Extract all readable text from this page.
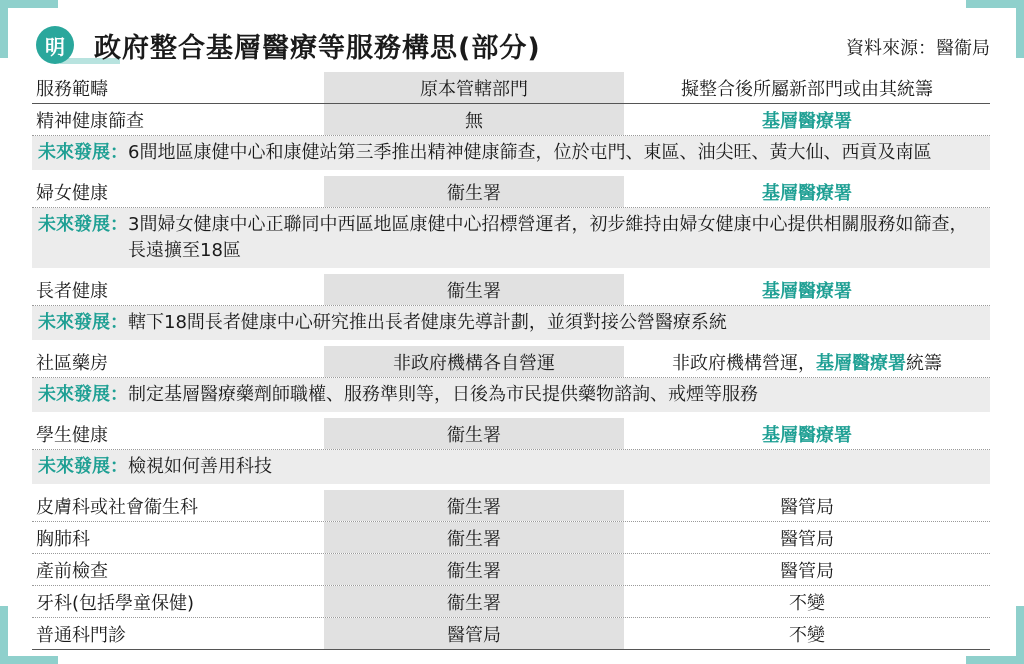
明	政府整合基層醫療等服務構思(部分)	資料來源：醫衞局
服務範疇	原本管轄部門	擬整合後所屬新部門或由其統籌
精神健康篩查	無	基層醫療署
未來發展： 6間地區康健中心和康健站第三季推出精神健康篩查，位於屯門、東區、油尖旺、黃大仙、西貢及南區
婦女健康	衞生署	基層醫療署
未來發展： 3間婦女健康中心正聯同中西區地區康健中心招標營運者，初步維持由婦女健康中心提供相關服務如篩查，長遠擴至18區
長者健康	衞生署	基層醫療署
未來發展： 轄下18間長者健康中心研究推出長者健康先導計劃，並須對接公營醫療系統
社區藥房	非政府機構各自營運	非政府機構營運， 基層醫療署 統籌
未來發展： 制定基層醫療藥劑師職權、服務準則等，日後為市民提供藥物諮詢、戒煙等服務
學生健康	衞生署	基層醫療署
未來發展： 檢視如何善用科技
皮膚科或社會衞生科	衞生署	醫管局
胸肺科	衞生署	醫管局
產前檢查	衞生署	醫管局
牙科(包括學童保健)	衞生署	不變
普通科門診	醫管局	不變
